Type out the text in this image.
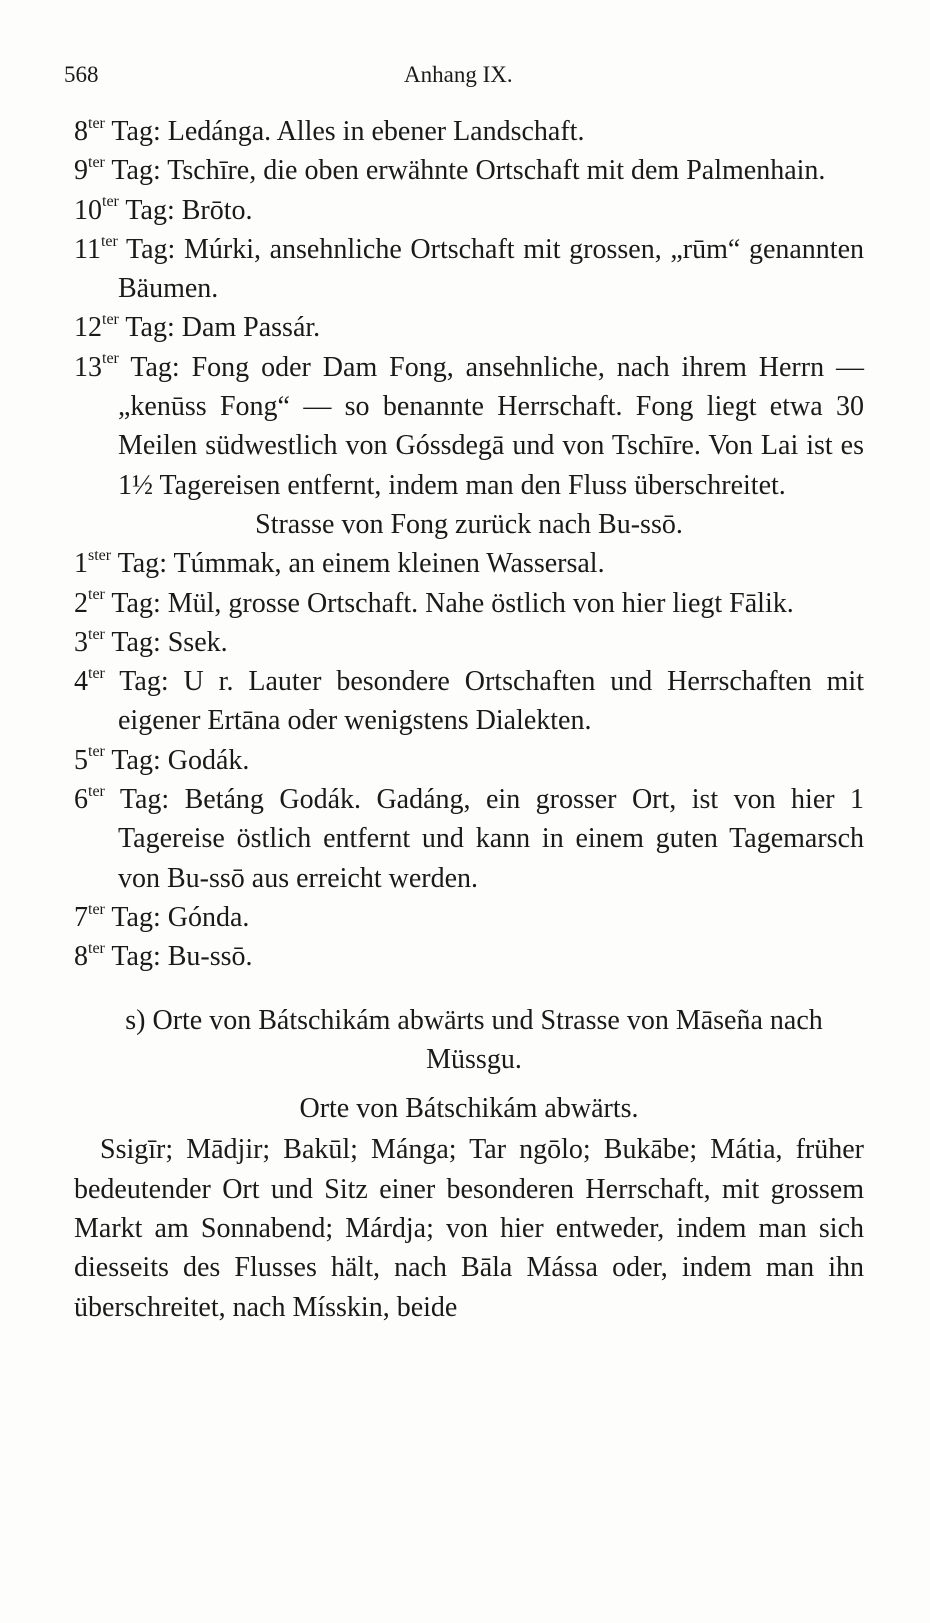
568	Anhang IX.
$8^{ter}$ Tag: Ledánga. Alles in ebener Landschaft.
$9^{ter}$ Tag: Tschīre, die oben erwähnte Ortschaft mit dem Palmenhain.
$10^{ter}$ Tag: Brōto.
$11^{ter}$ Tag: Múrki, ansehnliche Ortschaft mit grossen, „rūm“ genannten Bäumen.
$12^{ter}$ Tag: Dam Passár.
$13^{ter}$ Tag: Fong oder Dam Fong, ansehnliche, nach ihrem Herrn — „kenūss Fong“ — so benannte Herrschaft. Fong liegt etwa 30 Meilen südwestlich von Góssdegā und von Tschīre. Von Lai ist es 1½ Tagereisen entfernt, indem man den Fluss überschreitet.
Strasse von Fong zurück nach Bu-ssō.
$1^{ster}$ Tag: Túmmak, an einem kleinen Wassersal.
$2^{ter}$ Tag: Mül, grosse Ortschaft. Nahe östlich von hier liegt Fālik.
$3^{ter}$ Tag: Ssek.
$4^{ter}$ Tag: U r. Lauter besondere Ortschaften und Herrschaften mit eigener Ertāna oder wenigstens Dialekten.
$5^{ter}$ Tag: Godák.
$6^{ter}$ Tag: Betáng Godák. Gadáng, ein grosser Ort, ist von hier 1 Tagereise östlich entfernt und kann in einem guten Tagemarsch von Bu-ssō aus erreicht werden.
$7^{ter}$ Tag: Gónda.
$8^{ter}$ Tag: Bu-ssō.
s) Orte von Bátschikám abwärts und Strasse von Māseña nach Müssgu.
Orte von Bátschikám abwärts.
Ssigīr; Mādjir; Bakūl; Mánga; Tar ngōlo; Bukābe; Mátia, früher bedeutender Ort und Sitz einer besonderen Herrschaft, mit grossem Markt am Sonnabend; Márdja; von hier entweder, indem man sich diesseits des Flusses hält, nach Bāla Mássa oder, indem man ihn überschreitet, nach Mísskin, beide
